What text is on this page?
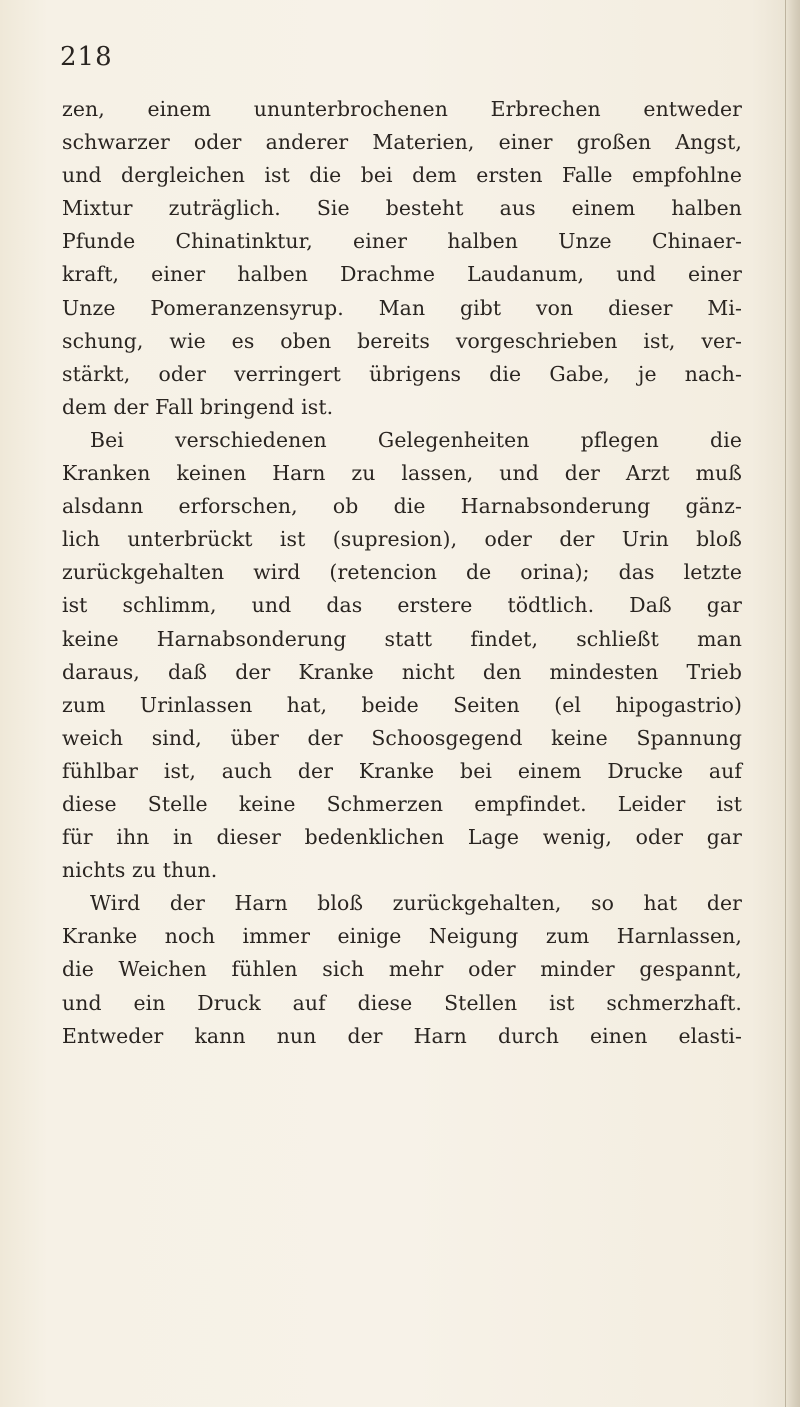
218

zen, einem ununterbrochenen Erbrechen entweder
schwarzer oder anderer Materien, einer großen Angst,
und dergleichen ist die bei dem ersten Falle empfohlne
Mixtur zuträglich. Sie besteht aus einem halben
Pfunde Chinatinktur, einer halben Unze Chinaer-
kraft, einer halben Drachme Laudanum, und einer
Unze Pomeranzensyrup. Man gibt von dieser Mi-
schung, wie es oben bereits vorgeschrieben ist, ver-
stärkt, oder verringert übrigens die Gabe, je nach-
dem der Fall bringend ist.
Bei verschiedenen Gelegenheiten pflegen die
Kranken keinen Harn zu lassen, und der Arzt muß
alsdann erforschen, ob die Harnabsonderung gänz-
lich unterbrückt ist (supresion), oder der Urin bloß
zurückgehalten wird (retencion de orina); das letzte
ist schlimm, und das erstere tödtlich. Daß gar
keine Harnabsonderung statt findet, schließt man
daraus, daß der Kranke nicht den mindesten Trieb
zum Urinlassen hat, beide Seiten (el hipogastrio)
weich sind, über der Schoosgegend keine Spannung
fühlbar ist, auch der Kranke bei einem Drucke auf
diese Stelle keine Schmerzen empfindet. Leider ist
für ihn in dieser bedenklichen Lage wenig, oder gar
nichts zu thun.
Wird der Harn bloß zurückgehalten, so hat der
Kranke noch immer einige Neigung zum Harnlassen,
die Weichen fühlen sich mehr oder minder gespannt,
und ein Druck auf diese Stellen ist schmerzhaft.
Entweder kann nun der Harn durch einen elasti-
